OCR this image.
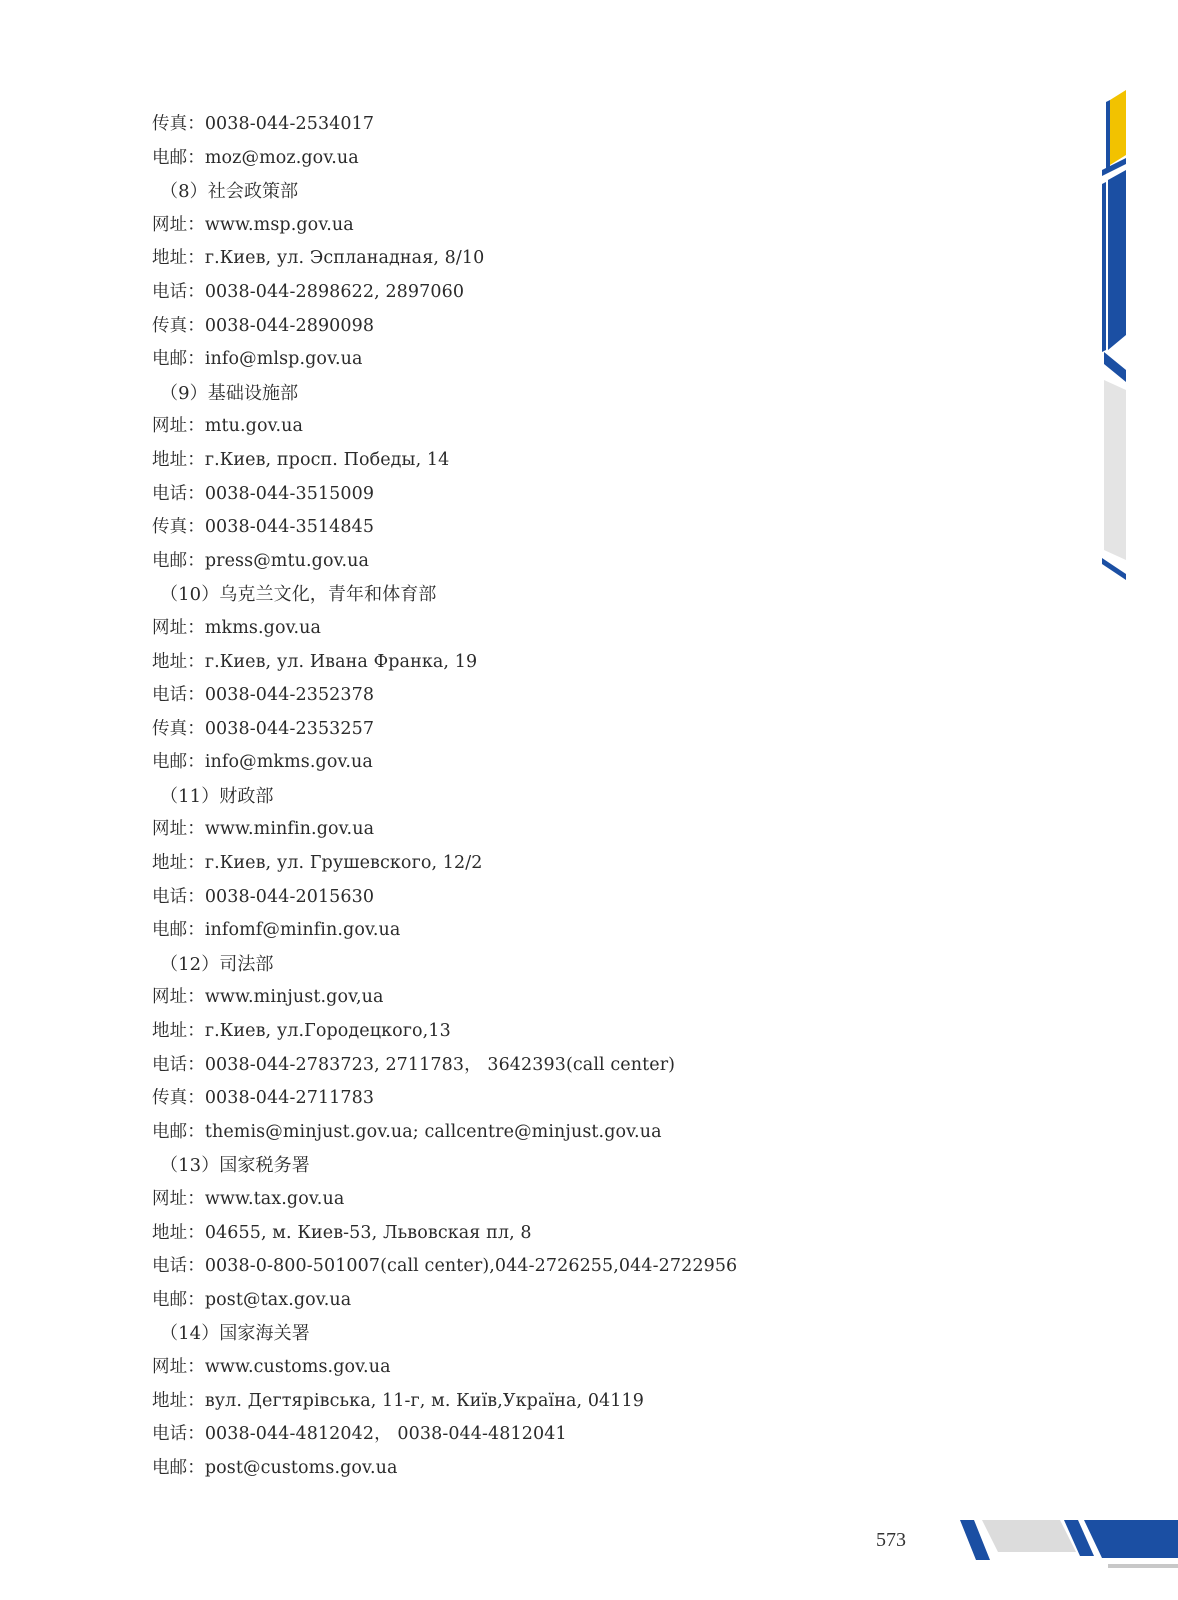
传真：0038-044-2534017
电邮：moz@moz.gov.ua
（8）社会政策部
网址：www.msp.gov.ua
地址：г.Киев, ул. Эспланадная, 8/10
电话：0038-044-2898622, 2897060
传真：0038-044-2890098
电邮：info@mlsp.gov.ua
（9）基础设施部
网址：mtu.gov.ua
地址：г.Киев, просп. Победы, 14
电话：0038-044-3515009
传真：0038-044-3514845
电邮：press@mtu.gov.ua
（10）乌克兰文化，青年和体育部
网址：mkms.gov.ua
地址：г.Киев, ул. Ивана Франка, 19
电话：0038-044-2352378
传真：0038-044-2353257
电邮：info@mkms.gov.ua
（11）财政部
网址：www.minfin.gov.ua
地址：г.Киев, ул. Грушевского, 12/2
电话：0038-044-2015630
电邮：infomf@minfin.gov.ua
（12）司法部
网址：www.minjust.gov,ua
地址：г.Киев, ул.Городецкого,13
电话：0038-044-2783723, 2711783， 3642393(call center)
传真：0038-044-2711783
电邮：themis@minjust.gov.ua; callcentre@minjust.gov.ua
（13）国家税务署
网址：www.tax.gov.ua
地址：04655, м. Киев-53, Львовская пл, 8
电话：0038-0-800-501007(call center),044-2726255,044-2722956
电邮：post@tax.gov.ua
（14）国家海关署
网址：www.customs.gov.ua
地址：вул. Дегтярівська, 11-г, м. Київ,Україна, 04119
电话：0038-044-4812042， 0038-044-4812041
电邮：post@customs.gov.ua
573
